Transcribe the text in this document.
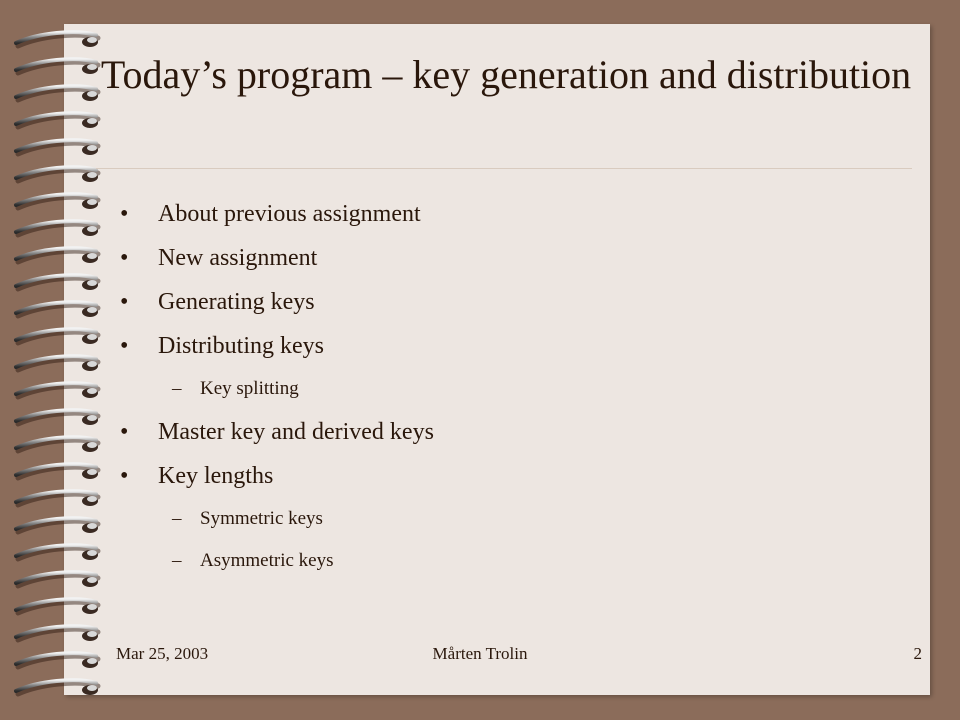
Today’s program – key generation and distribution
• About previous assignment
• New assignment
• Generating keys
• Distributing keys
– Key splitting
• Master key and derived keys
• Key lengths
– Symmetric keys
– Asymmetric keys
Mar 25, 2003	Mårten Trolin	2
